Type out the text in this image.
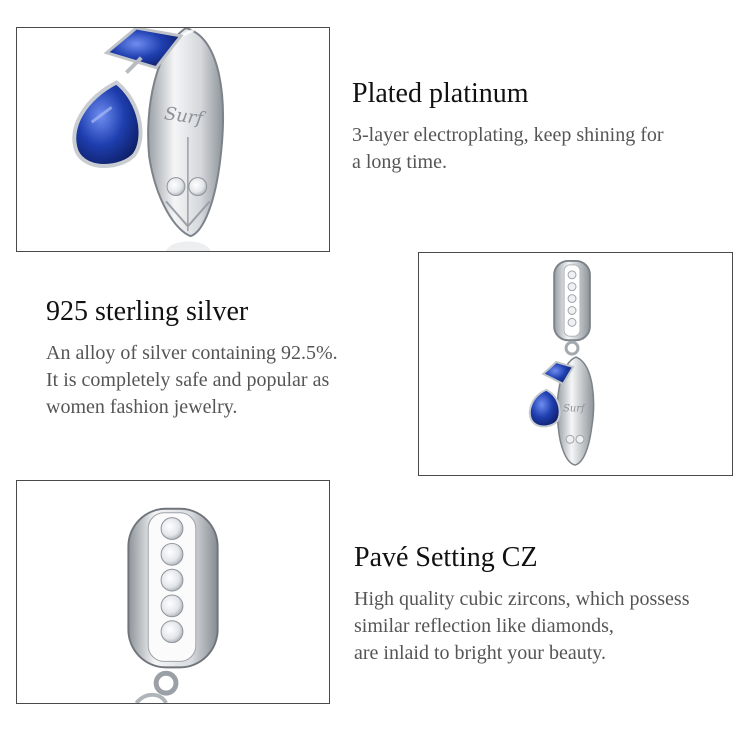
Surf
Plated platinum
3-layer electroplating, keep shining for
a long time.
925 sterling silver
An alloy of silver containing 92.5%.
It is completely safe and popular as
women fashion jewelry.	Surf
Pavé Setting CZ
High quality cubic zircons, which possess
similar reflection like diamonds,
are inlaid to bright your beauty.
